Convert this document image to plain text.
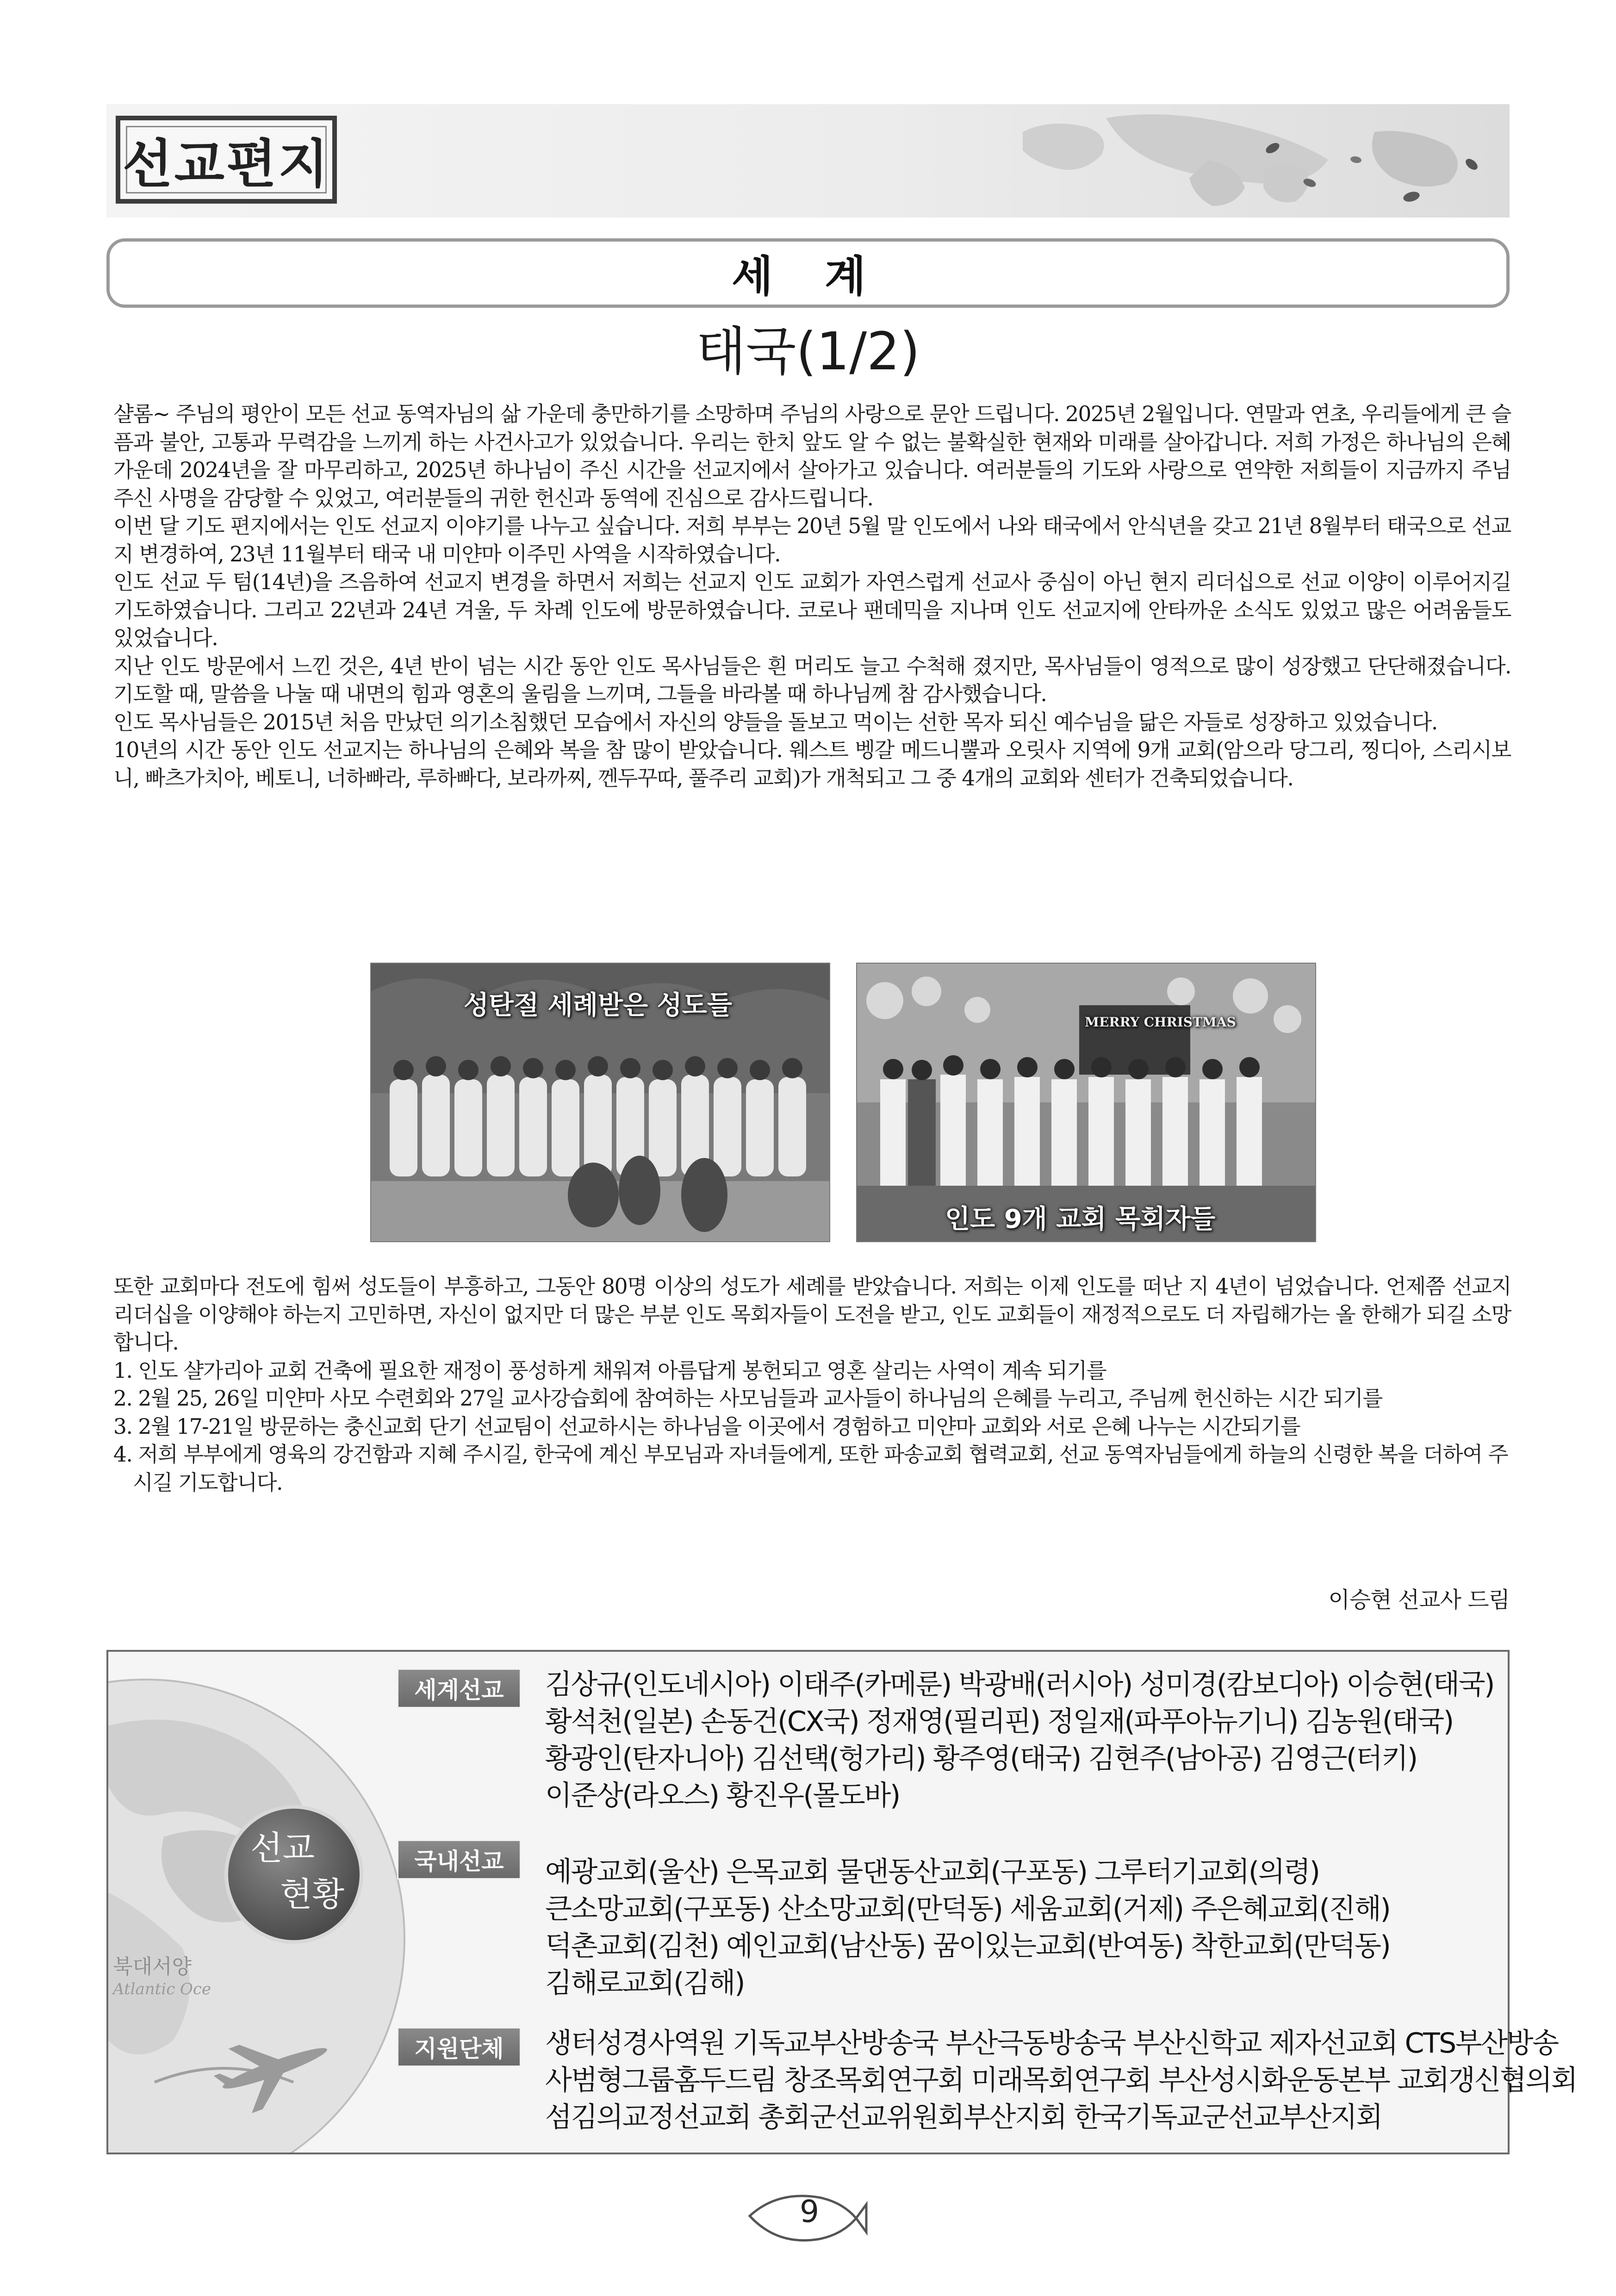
선교편지
세 계
태국(1/2)

샬롬~ 주님의 평안이 모든 선교 동역자님의 삶 가운데 충만하기를 소망하며 주님의 사랑으로 문안 드립니다. 2025년 2월입니다. 연말과 연초, 우리들에게 큰 슬픔과 불안, 고통과 무력감을 느끼게 하는 사건사고가 있었습니다. 우리는 한치 앞도 알 수 없는 불확실한 현재와 미래를 살아갑니다. 저희 가정은 하나님의 은혜 가운데 2024년을 잘 마무리하고, 2025년 하나님이 주신 시간을 선교지에서 살아가고 있습니다. 여러분들의 기도와 사랑으로 연약한 저희들이 지금까지 주님 주신 사명을 감당할 수 있었고, 여러분들의 귀한 헌신과 동역에 진심으로 감사드립니다.

이번 달 기도 편지에서는 인도 선교지 이야기를 나누고 싶습니다. 저희 부부는 20년 5월 말 인도에서 나와 태국에서 안식년을 갖고 21년 8월부터 태국으로 선교지 변경하여, 23년 11월부터 태국 내 미얀마 이주민 사역을 시작하였습니다.

인도 선교 두 텀(14년)을 즈음하여 선교지 변경을 하면서 저희는 선교지 인도 교회가 자연스럽게 선교사 중심이 아닌 현지 리더십으로 선교 이양이 이루어지길 기도하였습니다. 그리고 22년과 24년 겨울, 두 차례 인도에 방문하였습니다. 코로나 팬데믹을 지나며 인도 선교지에 안타까운 소식도 있었고 많은 어려움들도 있었습니다.

지난 인도 방문에서 느낀 것은, 4년 반이 넘는 시간 동안 인도 목사님들은 흰 머리도 늘고 수척해 졌지만, 목사님들이 영적으로 많이 성장했고 단단해졌습니다. 기도할 때, 말씀을 나눌 때 내면의 힘과 영혼의 울림을 느끼며, 그들을 바라볼 때 하나님께 참 감사했습니다.

인도 목사님들은 2015년 처음 만났던 의기소침했던 모습에서 자신의 양들을 돌보고 먹이는 선한 목자 되신 예수님을 닮은 자들로 성장하고 있었습니다.

10년의 시간 동안 인도 선교지는 하나님의 은혜와 복을 참 많이 받았습니다. 웨스트 벵갈 메드니뿔과 오릿사 지역에 9개 교회(암으라 당그리, 찡디아, 스리시보니, 빠츠가치아, 베토니, 너하빠라, 루하빠다, 보라까찌, 껜두꾸따, 풀주리 교회)가 개척되고 그 중 4개의 교회와 센터가 건축되었습니다.

성탄절 세례받은 성도들
MERRY CHRISTMAS
인도 9개 교회 목회자들

또한 교회마다 전도에 힘써 성도들이 부흥하고, 그동안 80명 이상의 성도가 세례를 받았습니다. 저희는 이제 인도를 떠난 지 4년이 넘었습니다. 언제쯤 선교지 리더십을 이양해야 하는지 고민하면, 자신이 없지만 더 많은 부분 인도 목회자들이 도전을 받고, 인도 교회들이 재정적으로도 더 자립해가는 올 한해가 되길 소망합니다.

1. 인도 샬가리아 교회 건축에 필요한 재정이 풍성하게 채워져 아름답게 봉헌되고 영혼 살리는 사역이 계속 되기를

2. 2월 25, 26일 미얀마 사모 수련회와 27일 교사강습회에 참여하는 사모님들과 교사들이 하나님의 은혜를 누리고, 주님께 헌신하는 시간 되기를

3. 2월 17-21일 방문하는 충신교회 단기 선교팀이 선교하시는 하나님을 이곳에서 경험하고 미얀마 교회와 서로 은혜 나누는 시간되기를

4. 저희 부부에게 영육의 강건함과 지혜 주시길, 한국에 계신 부모님과 자녀들에게, 또한 파송교회 협력교회, 선교 동역자님들에게 하늘의 신령한 복을 더하여 주시길 기도합니다.

이승현 선교사 드림
북대서양
Atlantic Oce
선교
현황
세계선교	김상규(인도네시아) 이태주(카메룬) 박광배(러시아) 성미경(캄보디아) 이승현(태국)
황석천(일본) 손동건(CX국) 정재영(필리핀) 정일재(파푸아뉴기니) 김농원(태국)
황광인(탄자니아) 김선택(헝가리) 황주영(태국) 김현주(남아공) 김영근(터키)
이준상(라오스) 황진우(몰도바)
국내선교	예광교회(울산) 은목교회 물댄동산교회(구포동) 그루터기교회(의령)
큰소망교회(구포동) 산소망교회(만덕동) 세움교회(거제) 주은혜교회(진해)
덕촌교회(김천) 예인교회(남산동) 꿈이있는교회(반여동) 착한교회(만덕동)
김해로교회(김해)
지원단체	생터성경사역원 기독교부산방송국 부산극동방송국 부산신학교 제자선교회 CTS부산방송
사범형그룹홈두드림 창조목회연구회 미래목회연구회 부산성시화운동본부 교회갱신협의회
섬김의교정선교회 총회군선교위원회부산지회 한국기독교군선교부산지회
9
